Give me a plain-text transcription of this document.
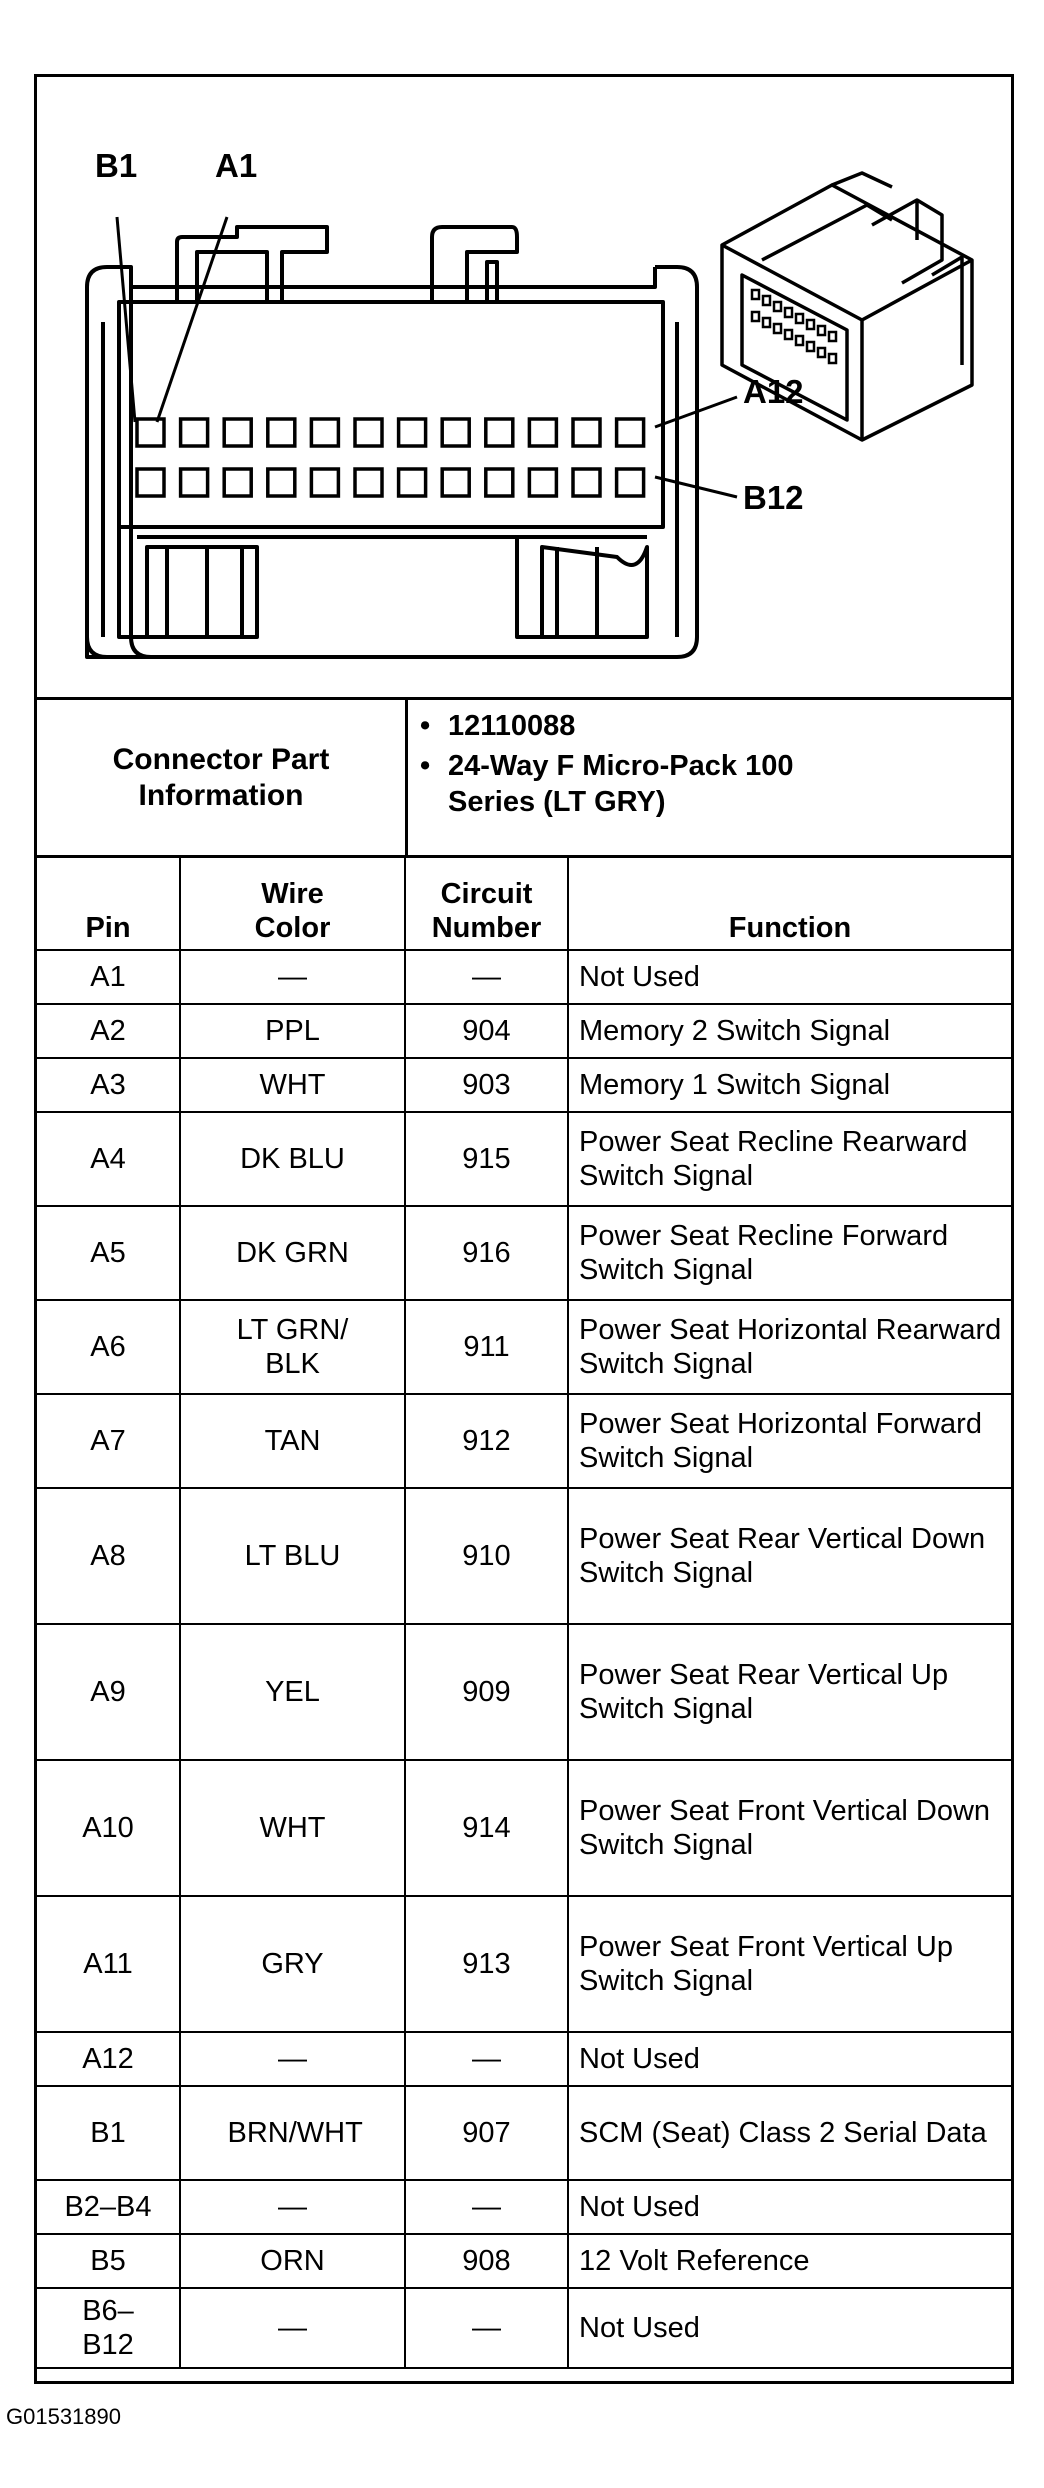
B1 A1
A12
B12
Connector Part Information
• 12110088
• 24-Way F Micro-Pack 100 Series (LT GRY)
Pin	Wire Color	Circuit Number	Function

A1	—	—	Not Used

A2	PPL	904	Memory 2 Switch Signal

A3	WHT	903	Memory 1 Switch Signal

A4	DK BLU	915	Power Seat Recline Rearward Switch Signal

A5	DK GRN	916	Power Seat Recline Forward Switch Signal

A6	LT GRN/ BLK	911	Power Seat Horizontal Rearward Switch Signal

A7	TAN	912	Power Seat Horizontal Forward Switch Signal

A8	LT BLU	910	Power Seat Rear Vertical Down Switch Signal

A9	YEL	909	Power Seat Rear Vertical Up Switch Signal

A10	WHT	914	Power Seat Front Vertical Down Switch Signal

A11	GRY	913	Power Seat Front Vertical Up Switch Signal

A12	—	—	Not Used

B1	BRN/WHT	907	SCM (Seat) Class 2 Serial Data

B2–B4	—	—	Not Used

B5	ORN	908	12 Volt Reference

B6– B12	—	—	Not Used
G01531890
